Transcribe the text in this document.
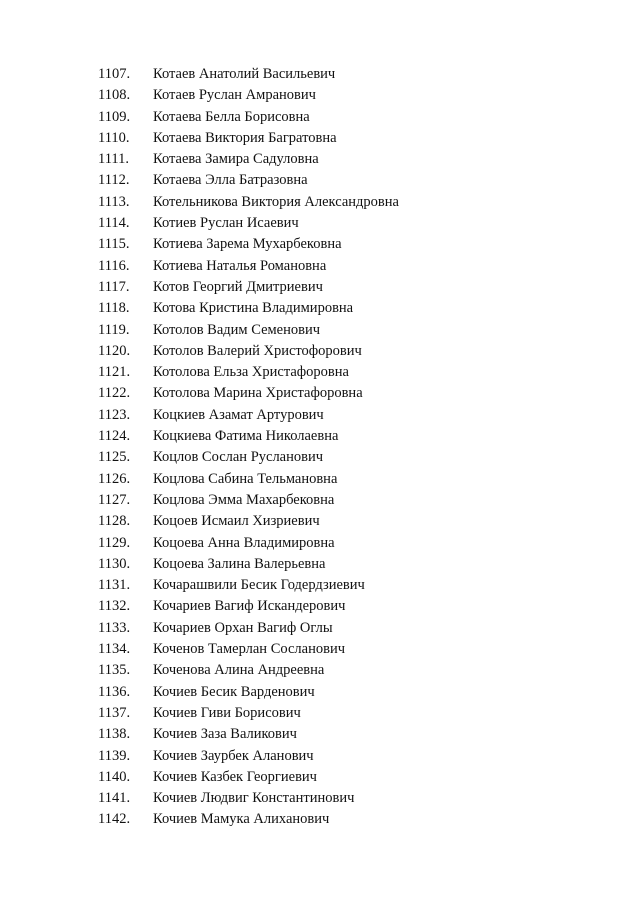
1107.	Котаев Анатолий Васильевич
1108.	Котаев Руслан Амранович
1109.	Котаева Белла Борисовна
1110.	Котаева Виктория Багратовна
1111.	Котаева Замира Садуловна
1112.	Котаева Элла Батразовна
1113.	Котельникова Виктория Александровна
1114.	Котиев Руслан Исаевич
1115.	Котиева Зарема Мухарбековна
1116.	Котиева Наталья Романовна
1117.	Котов Георгий Дмитриевич
1118.	Котова Кристина Владимировна
1119.	Котолов Вадим Семенович
1120.	Котолов Валерий Христофорович
1121.	Котолова Ельза Христафоровна
1122.	Котолова Марина Христафоровна
1123.	Коцкиев Азамат Артурович
1124.	Коцкиева Фатима Николаевна
1125.	Коцлов Сослан Русланович
1126.	Коцлова Сабина Тельмановна
1127.	Коцлова Эмма Махарбековна
1128.	Коцоев Исмаил Хизриевич
1129.	Коцоева Анна Владимировна
1130.	Коцоева Залина Валерьевна
1131.	Кочарашвили Бесик Годердзиевич
1132.	Кочариев Вагиф Искандерович
1133.	Кочариев Орхан Вагиф Оглы
1134.	Коченов Тамерлан Сосланович
1135.	Коченова Алина Андреевна
1136.	Кочиев Бесик Варденович
1137.	Кочиев Гиви Борисович
1138.	Кочиев Заза Валикович
1139.	Кочиев Заурбек Аланович
1140.	Кочиев Казбек Георгиевич
1141.	Кочиев Людвиг Константинович
1142.	Кочиев Мамука Алиханович
